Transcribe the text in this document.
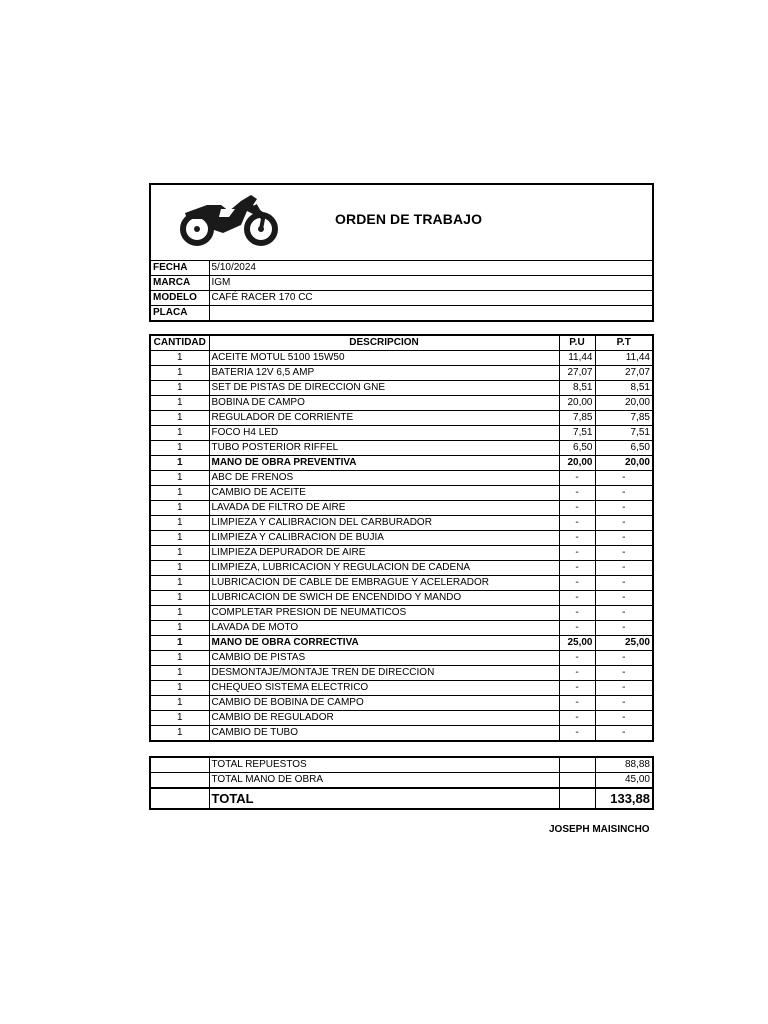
ORDEN DE TRABAJO
FECHA	5/10/2024
MARCA	IGM
MODELO	CAFÉ RACER 170 CC
PLACA	
CANTIDAD	DESCRIPCION	P.U	P.T
1	ACEITE MOTUL 5100 15W50	11,44	11,44
1	BATERIA 12V 6,5 AMP	27,07	27,07
1	SET DE PISTAS DE DIRECCION GNE	8,51	8,51
1	BOBINA DE CAMPO	20,00	20,00
1	REGULADOR DE CORRIENTE	7,85	7,85
1	FOCO H4 LED	7,51	7,51
1	TUBO POSTERIOR RIFFEL	6,50	6,50
1	MANO DE OBRA PREVENTIVA	20,00	20,00
1	ABC DE FRENOS	-	-
1	CAMBIO DE ACEITE	-	-
1	LAVADA DE FILTRO DE AIRE	-	-
1	LIMPIEZA Y CALIBRACION DEL CARBURADOR	-	-
1	LIMPIEZA Y CALIBRACION DE BUJIA	-	-
1	LIMPIEZA DEPURADOR DE AIRE	-	-
1	LIMPIEZA, LUBRICACION Y REGULACION DE CADENA	-	-
1	LUBRICACION DE CABLE DE EMBRAGUE Y ACELERADOR	-	-
1	LUBRICACION DE SWICH DE ENCENDIDO Y MANDO	-	-
1	COMPLETAR PRESION DE NEUMATICOS	-	-
1	LAVADA DE MOTO	-	-
1	MANO DE OBRA CORRECTIVA	25,00	25,00
1	CAMBIO DE PISTAS	-	-
1	DESMONTAJE/MONTAJE TREN DE DIRECCION	-	-
1	CHEQUEO SISTEMA ELECTRICO	-	-
1	CAMBIO DE BOBINA DE CAMPO	-	-
1	CAMBIO DE REGULADOR	-	-
1	CAMBIO DE TUBO	-	-
	TOTAL REPUESTOS		88,88
	TOTAL MANO DE OBRA		45,00
	TOTAL		133,88
JOSEPH MAISINCHO
